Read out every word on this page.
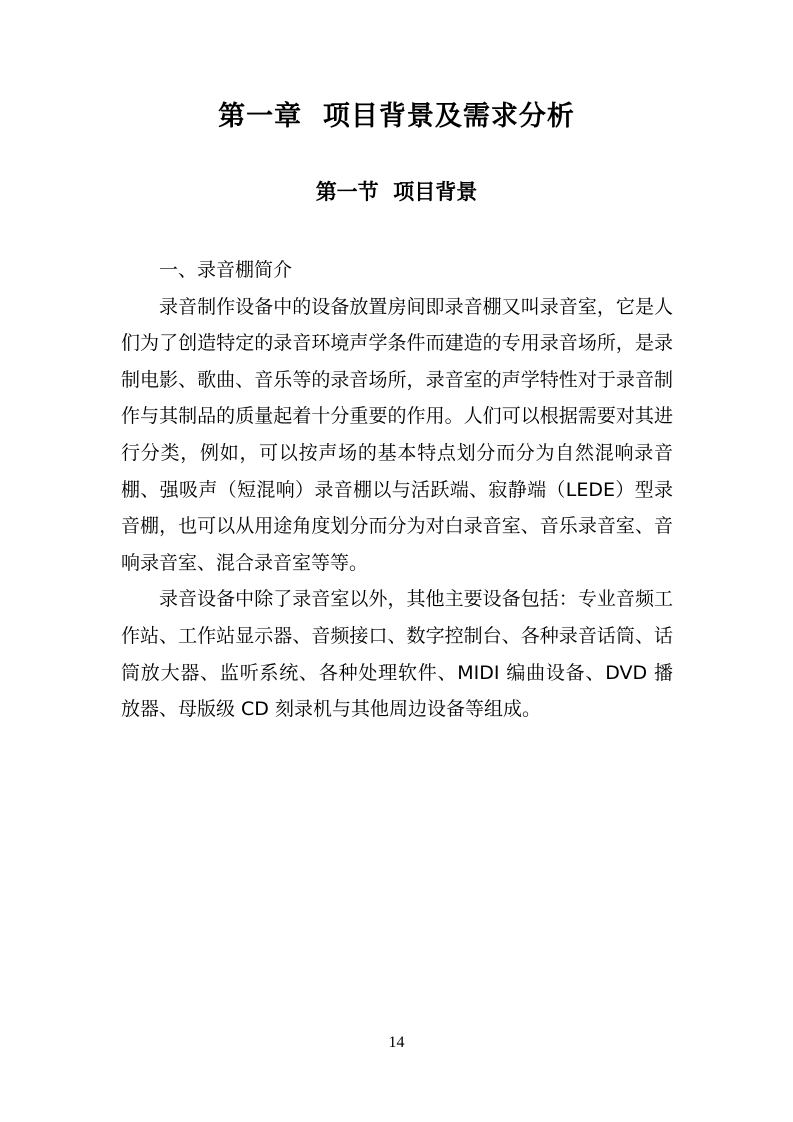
第一章  项目背景及需求分析
第一节  项目背景

一、录音棚简介

录音制作设备中的设备放置房间即录音棚又叫录音室，它是人们为了创造特定的录音环境声学条件而建造的专用录音场所，是录制电影、歌曲、音乐等的录音场所，录音室的声学特性对于录音制作与其制品的质量起着十分重要的作用。人们可以根据需要对其进行分类，例如，可以按声场的基本特点划分而分为自然混响录音棚、强吸声（短混响）录音棚以与活跃端、寂静端（LEDE）型录音棚，也可以从用途角度划分而分为对白录音室、音乐录音室、音响录音室、混合录音室等等。

录音设备中除了录音室以外，其他主要设备包括：专业音频工作站、工作站显示器、音频接口、数字控制台、各种录音话筒、话筒放大器、监听系统、各种处理软件、MIDI 编曲设备、DVD 播放器、母版级 CD 刻录机与其他周边设备等组成。

14
